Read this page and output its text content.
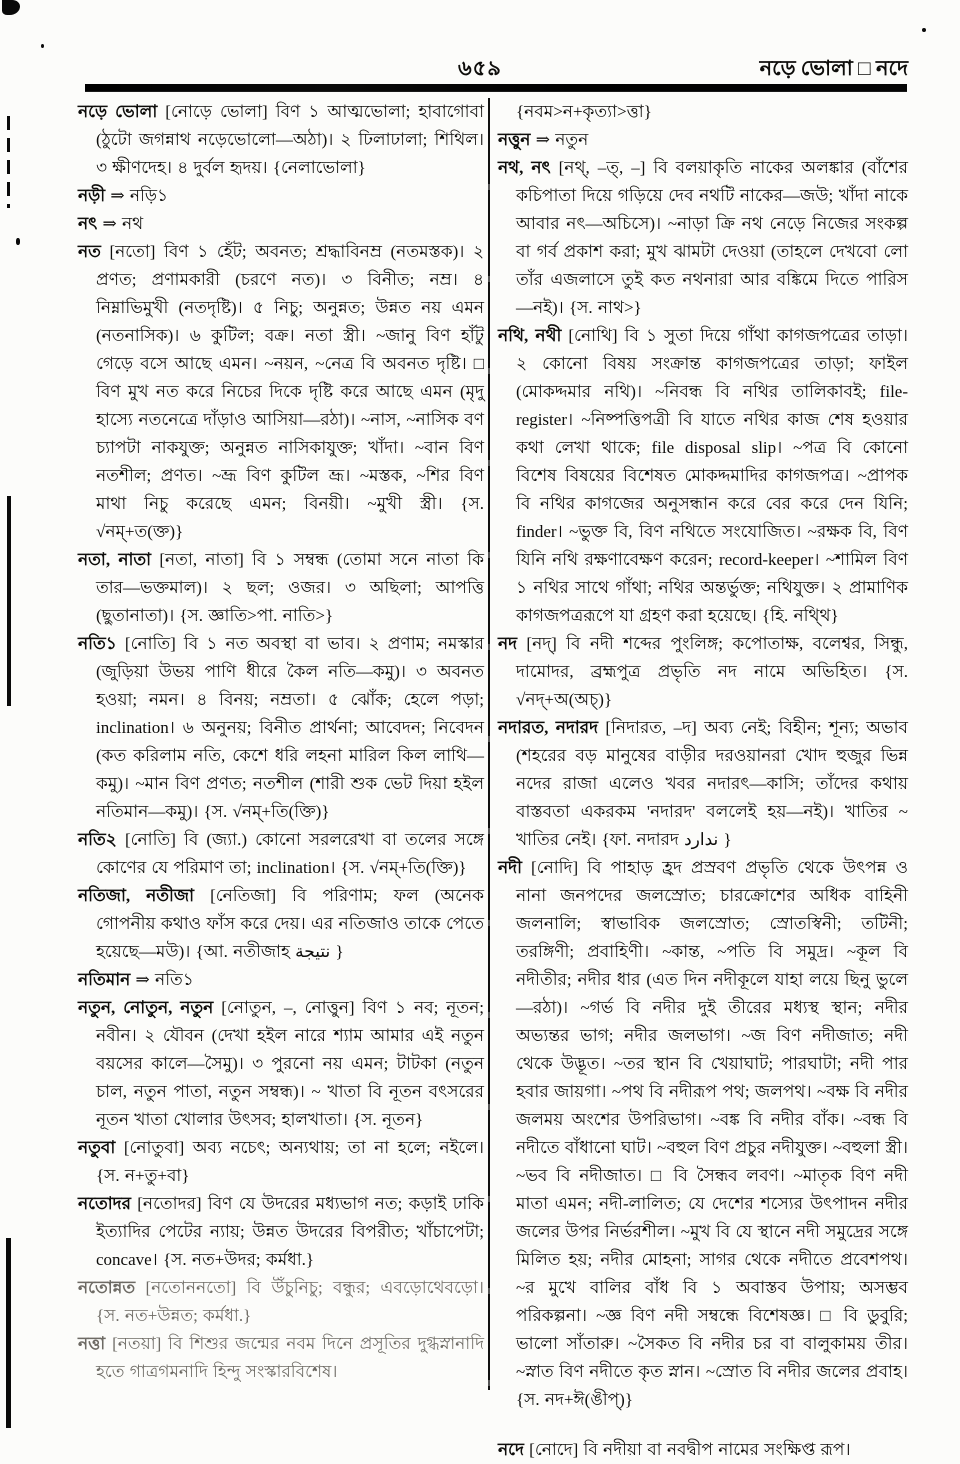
৬৫৯	নড়ে ভোলা □ নদে

নড়ে ভোলা [নোড়ে ভোলা] বিণ ১ আত্মভোলা; হাবাগোবা (ঠুটো জগন্নাথ নড়েভোলো—অঠা)। ২ ঢিলাঢালা; শিথিল। ৩ ক্ষীণদেহ। ৪ দুর্বল হৃদয়। {নেলাভোলা}

নড়ী ⇒ নড়ি১

নৎ ⇒ নথ

নত [নতো] বিণ ১ হেঁট; অবনত; শ্রদ্ধাবিনম্র (নতমস্তক)। ২ প্রণত; প্রণামকারী (চরণে নত)। ৩ বিনীত; নম্র। ৪ নিম্নাভিমুখী (নতদৃষ্টি)। ৫ নিচু; অনুন্নত; উন্নত নয় এমন (নতনাসিক)। ৬ কুটিল; বক্র। নতা স্ত্রী। ~জানু বিণ হাঁটু গেড়ে বসে আছে এমন। ~নয়ন, ~নেত্র বি অবনত দৃষ্টি। □ বিণ মুখ নত করে নিচের দিকে দৃষ্টি করে আছে এমন (মৃদু হাস্যে নতনেত্রে দাঁড়াও আসিয়া—রঠা)। ~নাস, ~নাসিক বণ চ্যাপটা নাকযুক্ত; অনুন্নত নাসিকাযুক্ত; খাঁদা। ~বান বিণ নতশীল; প্রণত। ~ভ্রূ বিণ কুটিল ভ্রূ। ~মস্তক, ~শির বিণ মাথা নিচু করেছে এমন; বিনয়ী। ~মুখী স্ত্রী। {স. √নম্+ত(ক্ত)}

নতা, নাতা [নতা, নাতা] বি ১ সম্বন্ধ (তোমা সনে নাতা কি তার—ভক্তমাল)। ২ ছল; ওজর। ৩ অছিলা; আপত্তি (ছুতানাতা)। {স. জ্ঞাতি>পা. নাতি>}

নতি১ [নোতি] বি ১ নত অবস্থা বা ভাব। ২ প্রণাম; নমস্কার (জুড়িয়া উভয় পাণি ধীরে কৈল নতি—কমু)। ৩ অবনত হওয়া; নমন। ৪ বিনয়; নম্রতা। ৫ ঝোঁক; হেলে পড়া; inclination। ৬ অনুনয়; বিনীত প্রার্থনা; আবেদন; নিবেদন (কত করিলাম নতি, কেশে ধরি লহনা মারিল কিল লাথি—কমু)। ~মান বিণ প্রণত; নতশীল (শারী শুক ভেট দিয়া হইল নতিমান—কমু)। {স. √নম্+তি(ক্তি)}

নতি২ [নোতি] বি (জ্যা.) কোনো সরলরেখা বা তলের সঙ্গে কোণের যে পরিমাণ তা; inclination। {স. √নম্+তি(ক্তি)}

নতিজা, নতীজা [নেতিজা] বি পরিণাম; ফল (অনেক গোপনীয় কথাও ফাঁস করে দেয়। এর নতিজাও তাকে পেতে হয়েছে—মউ)। {আ. নতীজাহ نتيجة }

নতিমান ⇒ নতি১

নতুন, নোতুন, নতুন [নোতুন, –, নোত্তুন] বিণ ১ নব; নূতন; নবীন। ২ যৌবন (দেখা হইল নারে শ্যাম আমার এই নতুন বয়সের কালে—সৈমু)। ৩ পুরনো নয় এমন; টাটকা (নতুন চাল, নতুন পাতা, নতুন সম্বন্ধ)। ~ খাতা বি নূতন বৎসরের নূতন খাতা খোলার উৎসব; হালখাতা। {স. নূতন}

নতুবা [নোতুবা] অব্য নচেৎ; অন্যথায়; তা না হলে; নইলে। {স. ন+তু+বা}

নতোদর [নতোদর] বিণ যে উদরের মধ্যভাগ নত; কড়াই ঢাকি ইত্যাদির পেটের ন্যায়; উন্নত উদরের বিপরীত; খাঁচাপেটা; concave। {স. নত+উদর; কর্মধা.}

নতোন্নত [নতোননতো] বি উঁচুনিচু; বন্ধুর; এবড়োথেবড়ো। {স. নত+উন্নত; কর্মধা.}

নত্তা [নতয়া] বি শিশুর জন্মের নবম দিনে প্রসূতির দুগ্ধস্নানাদি হতে গাত্রগমনাদি হিন্দু সংস্কারবিশেষ।

{নবম>ন+কৃত্যা>ত্তা}

নত্তুন ⇒ নতুন

নথ, নৎ [নথ্, –ত্, –] বি বলয়াকৃতি নাকের অলঙ্কার (বাঁশের কচিপাতা দিয়ে গড়িয়ে দেব নথটি নাকের—জউ; খাঁদা নাকে আবার নৎ—অচিসে)। ~নাড়া ক্রি নথ নেড়ে নিজের সংকল্প বা গর্ব প্রকাশ করা; মুখ ঝামটা দেওয়া (তাহলে দেখবো লো তাঁর এজলাসে তুই কত নথনারা আর বঙ্কিমে দিতে পারিস—নই)। {স. নাথ>}

নথি, নথী [নোথি] বি ১ সুতা দিয়ে গাঁথা কাগজপত্রের তাড়া। ২ কোনো বিষয় সংক্রান্ত কাগজপত্রের তাড়া; ফাইল (মোকদ্দমার নথি)। ~নিবন্ধ বি নথির তালিকাবই; file-register। ~নিষ্পত্তিপত্রী বি যাতে নথির কাজ শেষ হওয়ার কথা লেখা থাকে; file disposal slip। ~পত্র বি কোনো বিশেষ বিষয়ের বিশেষত মোকদ্দমাদির কাগজপত্র। ~প্রাপক বি নথির কাগজের অনুসন্ধান করে বের করে দেন যিনি; finder। ~ভুক্ত বি, বিণ নথিতে সংযোজিত। ~রক্ষক বি, বিণ যিনি নথি রক্ষণাবেক্ষণ করেন; record-keeper। ~শামিল বিণ ১ নথির সাথে গাঁথা; নথির অন্তর্ভুক্ত; নথিযুক্ত। ২ প্রামাণিক কাগজপত্ররূপে যা গ্রহণ করা হয়েছে। {হি. নথ্থি}

নদ [নদ্] বি নদী শব্দের পুংলিঙ্গ; কপোতাক্ষ, বলেশ্বর, সিন্ধু, দামোদর, ব্রহ্মপুত্র প্রভৃতি নদ নামে অভিহিত। {স. √নদ্+অ(অচ্)}

নদারত, নদারদ [নিদারত, –দ] অব্য নেই; বিহীন; শূন্য; অভাব (শহরের বড় মানুষের বাড়ীর দরওয়ানরা খোদ হুজুর ভিন্ন নদের রাজা এলেও খবর নদারৎ—কাসি; তাঁদের কথায় বাস্তবতা একরকম 'নদারদ' বললেই হয়—নই)। খাতির ~ খাতির নেই। {ফা. নদারদ ندارد }

নদী [নোদি] বি পাহাড় হ্রদ প্রস্রবণ প্রভৃতি থেকে উৎপন্ন ও নানা জনপদের জলস্রোত; চারক্রোশের অধিক বাহিনী জলনালি; স্বাভাবিক জলস্রোত; স্রোতস্বিনী; তটিনী; তরঙ্গিণী; প্রবাহিণী। ~কান্ত, ~পতি বি সমুদ্র। ~কূল বি নদীতীর; নদীর ধার (এত দিন নদীকূলে যাহা লয়ে ছিনু ভুলে—রঠা)। ~গর্ভ বি নদীর দুই তীরের মধ্যস্থ স্থান; নদীর অভ্যন্তর ভাগ; নদীর জলভাগ। ~জ বিণ নদীজাত; নদী থেকে উদ্ভূত। ~তর স্থান বি খেয়াঘাট; পারঘাটা; নদী পার হবার জায়গা। ~পথ বি নদীরূপ পথ; জলপথ। ~বক্ষ বি নদীর জলময় অংশের উপরিভাগ। ~বঙ্ক বি নদীর বাঁক। ~বন্ধ বি নদীতে বাঁধানো ঘাট। ~বহুল বিণ প্রচুর নদীযুক্ত। ~বহুলা স্ত্রী। ~ভব বি নদীজাত। □ বি সৈন্ধব লবণ। ~মাতৃক বিণ নদী মাতা এমন; নদী-লালিত; যে দেশের শস্যের উৎপাদন নদীর জলের উপর নির্ভরশীল। ~মুখ বি যে স্থানে নদী সমুদ্রের সঙ্গে মিলিত হয়; নদীর মোহনা; সাগর থেকে নদীতে প্রবেশপথ। ~র মুখে বালির বাঁধ বি ১ অবাস্তব উপায়; অসম্ভব পরিকল্পনা। ~জ্ঞ বিণ নদী সম্বন্ধে বিশেষজ্ঞ। □ বি ডুবুরি; ভালো সাঁতারু। ~সৈকত বি নদীর চর বা বালুকাময় তীর। ~স্নাত বিণ নদীতে কৃত স্নান। ~স্রোত বি নদীর জলের প্রবাহ। {স. নদ+ঈ(ঙীপ্)}

নদে [নোদে] বি নদীয়া বা নবদ্বীপ নামের সংক্ষিপ্ত রূপ।
